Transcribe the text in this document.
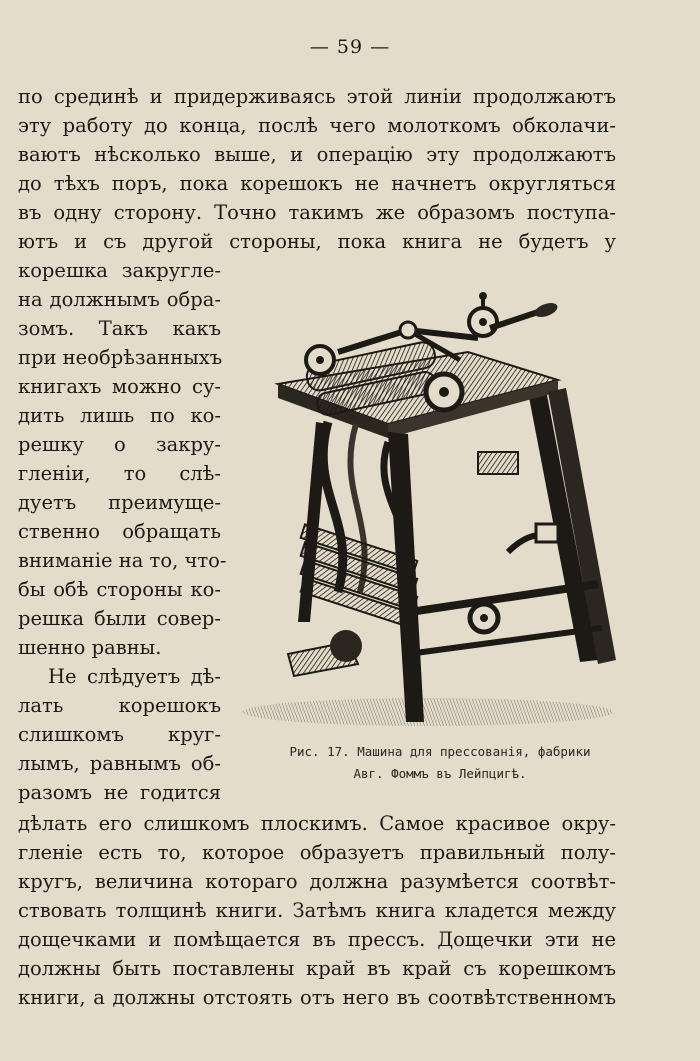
— 59 —
по срединѣ и придерживаясь этой линіи продолжаютъ
эту работу до конца, послѣ чего молоткомъ обколачи-
ваютъ нѣсколько выше, и операцію эту продолжаютъ
до тѣхъ поръ, пока корешокъ не начнетъ округляться
въ одну сторону. Точно такимъ же образомъ поступа-
ютъ и съ другой стороны, пока книга не будетъ у
корешка закругле-
на должнымъ обра-
зомъ. Такъ какъ
при необрѣзанныхъ
книгахъ можно су-
дить лишь по ко-
решку о закру-
гленіи, то слѣ-
дуетъ преимуще-
ственно обращать
вниманіе на то, что-
бы обѣ стороны ко-
решка были совер-
шенно равны.
Не слѣдуетъ дѣ-
лать корешокъ
слишкомъ круг-
лымъ, равнымъ об-
разомъ не годится
дѣлать его слишкомъ плоскимъ. Самое красивое окру-
гленіе есть то, которое образуетъ правильный полу-
кругъ, величина котораго должна разумѣется соотвѣт-
ствовать толщинѣ книги. Затѣмъ книга кладется между
дощечками и помѣщается въ прессъ. Дощечки эти не
должны быть поставлены край въ край съ корешкомъ
книги, а должны отстоять отъ него въ соотвѣтственномъ
Рис. 17. Машина для прессованія, фабрики
Авг. Фоммъ въ Лейпцигѣ.
